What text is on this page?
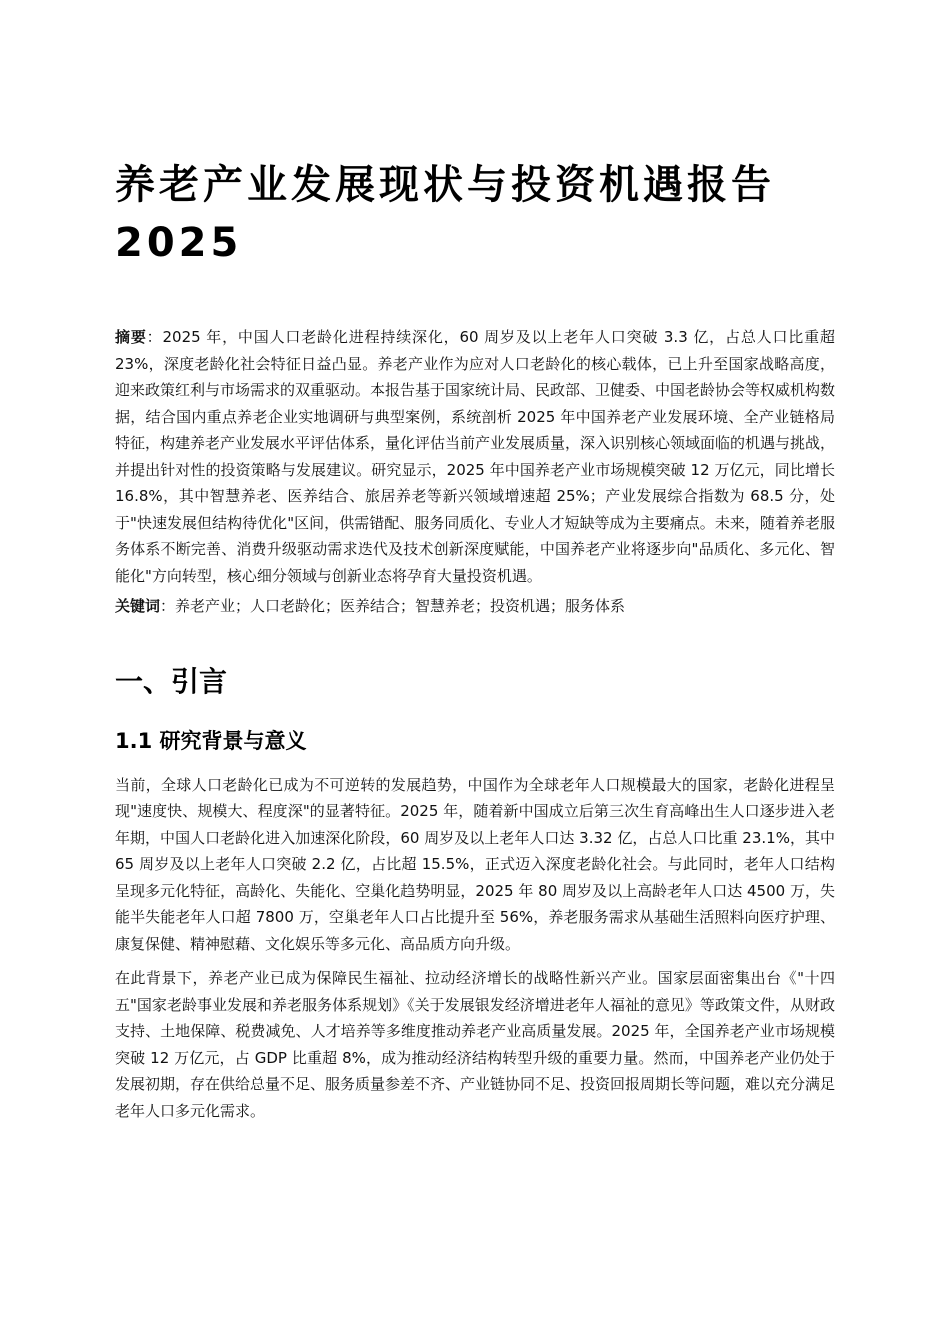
养老产业发展现状与投资机遇报告 2025

摘要：2025 年，中国人口老龄化进程持续深化，60 周岁及以上老年人口突破 3.3 亿，占总人口比重超 23%，深度老龄化社会特征日益凸显。养老产业作为应对人口老龄化的核心载体，已上升至国家战略高度，迎来政策红利与市场需求的双重驱动。本报告基于国家统计局、民政部、卫健委、中国老龄协会等权威机构数据，结合国内重点养老企业实地调研与典型案例，系统剖析 2025 年中国养老产业发展环境、全产业链格局特征，构建养老产业发展水平评估体系，量化评估当前产业发展质量，深入识别核心领域面临的机遇与挑战，并提出针对性的投资策略与发展建议。研究显示，2025 年中国养老产业市场规模突破 12 万亿元，同比增长 16.8%，其中智慧养老、医养结合、旅居养老等新兴领域增速超 25%；产业发展综合指数为 68.5 分，处于"快速发展但结构待优化"区间，供需错配、服务同质化、专业人才短缺等成为主要痛点。未来，随着养老服务体系不断完善、消费升级驱动需求迭代及技术创新深度赋能，中国养老产业将逐步向"品质化、多元化、智能化"方向转型，核心细分领域与创新业态将孕育大量投资机遇。

关键词：养老产业；人口老龄化；医养结合；智慧养老；投资机遇；服务体系

一、引言
1.1 研究背景与意义

当前，全球人口老龄化已成为不可逆转的发展趋势，中国作为全球老年人口规模最大的国家，老龄化进程呈现"速度快、规模大、程度深"的显著特征。2025 年，随着新中国成立后第三次生育高峰出生人口逐步进入老年期，中国人口老龄化进入加速深化阶段，60 周岁及以上老年人口达 3.32 亿，占总人口比重 23.1%，其中 65 周岁及以上老年人口突破 2.2 亿，占比超 15.5%，正式迈入深度老龄化社会。与此同时，老年人口结构呈现多元化特征，高龄化、失能化、空巢化趋势明显，2025 年 80 周岁及以上高龄老年人口达 4500 万，失能半失能老年人口超 7800 万，空巢老年人口占比提升至 56%，养老服务需求从基础生活照料向医疗护理、康复保健、精神慰藉、文化娱乐等多元化、高品质方向升级。

在此背景下，养老产业已成为保障民生福祉、拉动经济增长的战略性新兴产业。国家层面密集出台《"十四五"国家老龄事业发展和养老服务体系规划》《关于发展银发经济增进老年人福祉的意见》等政策文件，从财政支持、土地保障、税费减免、人才培养等多维度推动养老产业高质量发展。2025 年，全国养老产业市场规模突破 12 万亿元，占 GDP 比重超 8%，成为推动经济结构转型升级的重要力量。然而，中国养老产业仍处于发展初期，存在供给总量不足、服务质量参差不齐、产业链协同不足、投资回报周期长等问题，难以充分满足老年人口多元化需求。
